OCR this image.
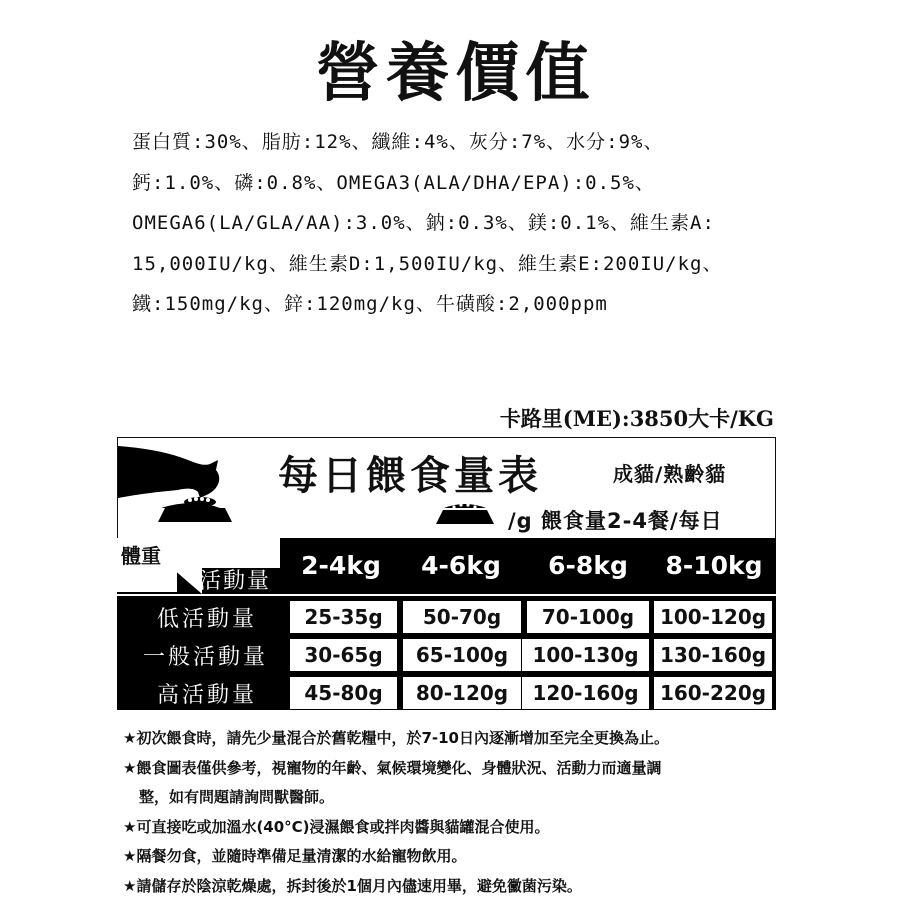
營養價值
蛋白質:30%、脂肪:12%、纖維:4%、灰分:7%、水分:9%、
鈣:1.0%、磷:0.8%、OMEGA3(ALA/DHA/EPA):0.5%、
OMEGA6(LA/GLA/AA):3.0%、鈉:0.3%、鎂:0.1%、維生素A:
15,000IU/kg、維生素D:1,500IU/kg、維生素E:200IU/kg、
鐵:150mg/kg、鋅:120mg/kg、牛磺酸:2,000ppm
卡路里(ME):3850大卡/KG
每日餵食量表	成貓/熟齡貓
/g 餵食量2-4餐/每日
體重
活動量
2-4kg	4-6kg	6-8kg	8-10kg
低活動量	25-35g	50-70g	70-100g	100-120g
一般活動量	30-65g	65-100g	100-130g	130-160g
高活動量	45-80g	80-120g	120-160g	160-220g
★初次餵食時，請先少量混合於舊乾糧中，於7-10日內逐漸增加至完全更換為止。
★餵食圖表僅供參考，視寵物的年齡、氣候環境變化、身體狀況、活動力而適量調
整，如有問題請詢問獸醫師。
★可直接吃或加溫水(40°C)浸濕餵食或拌肉醬與貓罐混合使用。
★隔餐勿食，並隨時準備足量清潔的水給寵物飲用。
★請儲存於陰涼乾燥處，拆封後於1個月內儘速用畢，避免黴菌污染。
